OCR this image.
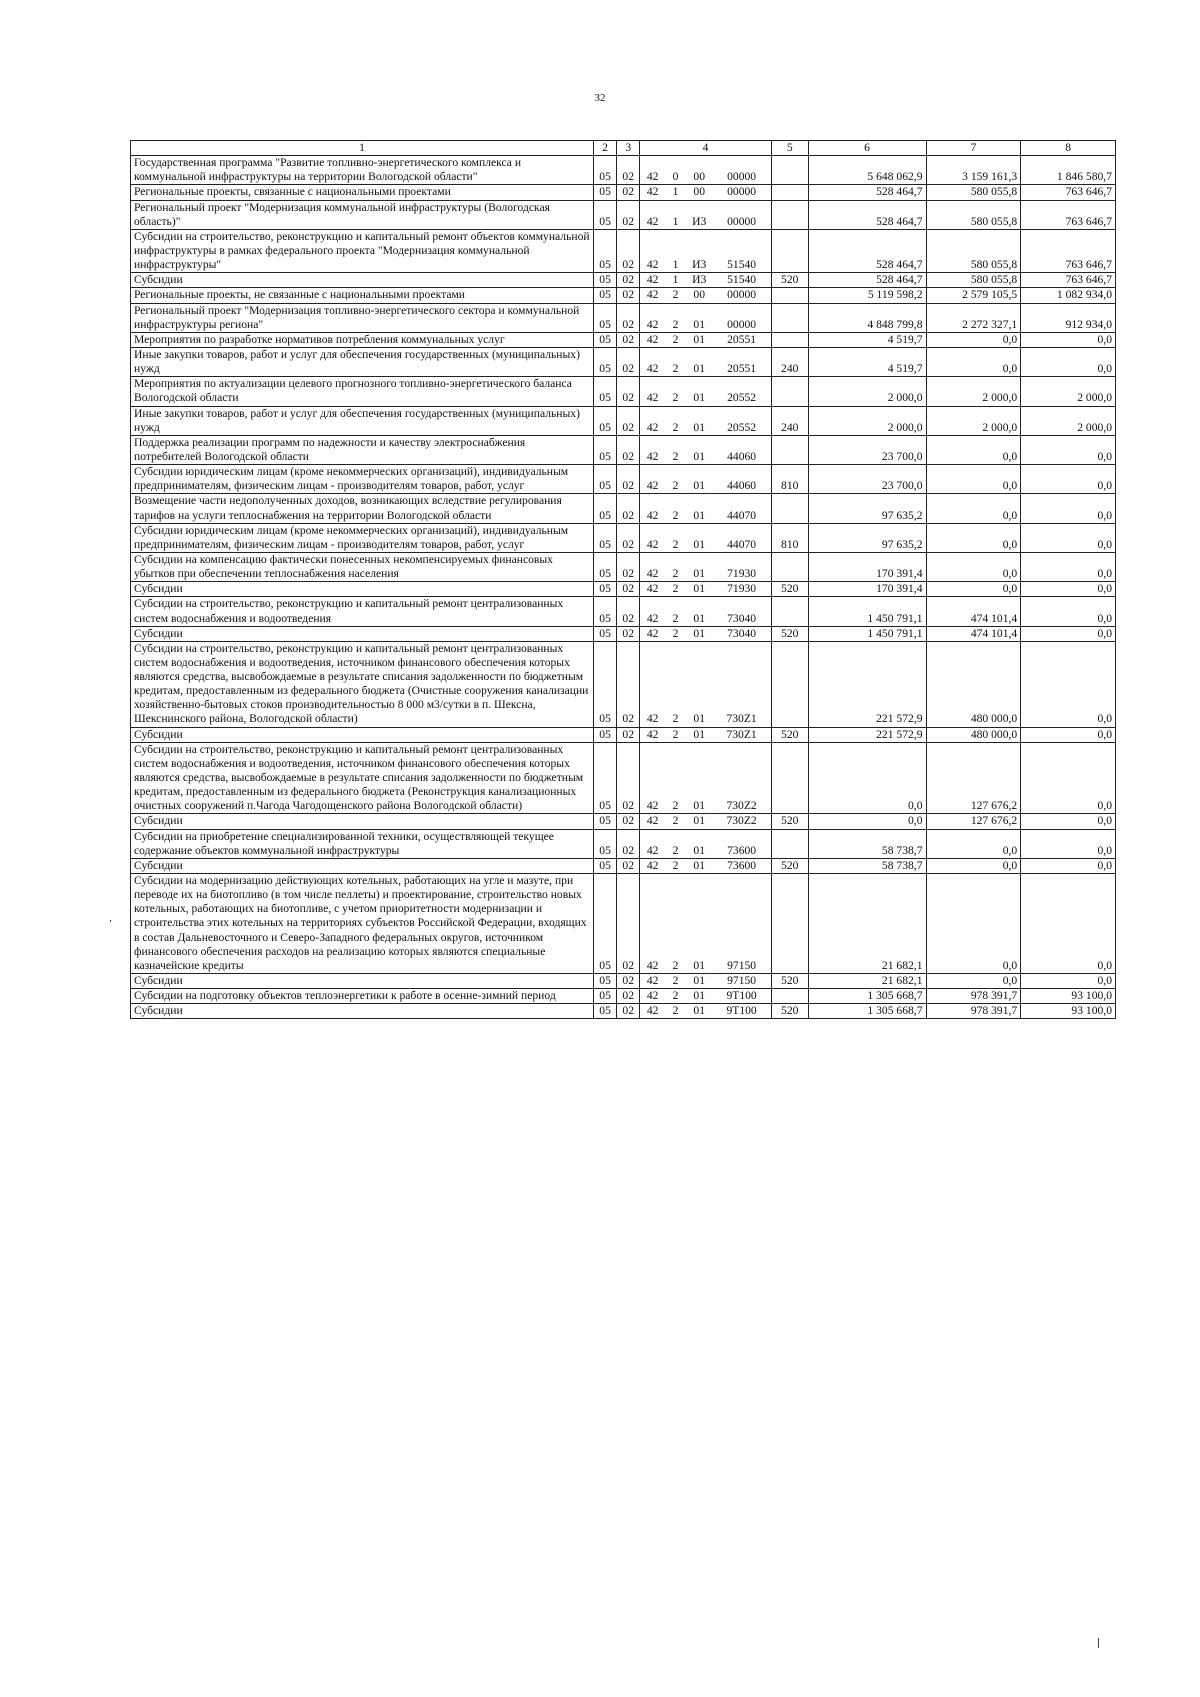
32
1	2	3	4				5	6	7	8
Государственная программа "Развитие топливно-энергетического комплекса и коммунальной инфраструктуры на территории Вологодской области"	05	02	42	0	00	00000		5 648 062,9	3 159 161,3	1 846 580,7
Региональные проекты, связанные с национальными проектами	05	02	42	1	00	00000		528 464,7	580 055,8	763 646,7
Региональный проект "Модернизация коммунальной инфраструктуры (Вологодская область)"	05	02	42	1	И3	00000		528 464,7	580 055,8	763 646,7
Субсидии на строительство, реконструкцию и капитальный ремонт объектов коммунальной инфраструктуры в рамках федерального проекта "Модернизация коммунальной инфраструктуры"	05	02	42	1	И3	51540		528 464,7	580 055,8	763 646,7
Субсидии	05	02	42	1	И3	51540	520	528 464,7	580 055,8	763 646,7
Региональные проекты, не связанные с национальными проектами	05	02	42	2	00	00000		5 119 598,2	2 579 105,5	1 082 934,0
Региональный проект "Модернизация топливно-энергетического сектора и коммунальной инфраструктуры региона"	05	02	42	2	01	00000		4 848 799,8	2 272 327,1	912 934,0
Мероприятия по разработке нормативов потребления коммунальных услуг	05	02	42	2	01	20551		4 519,7	0,0	0,0
Иные закупки товаров, работ и услуг для обеспечения государственных (муниципальных) нужд	05	02	42	2	01	20551	240	4 519,7	0,0	0,0
Мероприятия по актуализации целевого прогнозного топливно-энергетического баланса Вологодской области	05	02	42	2	01	20552		2 000,0	2 000,0	2 000,0
Иные закупки товаров, работ и услуг для обеспечения государственных (муниципальных) нужд	05	02	42	2	01	20552	240	2 000,0	2 000,0	2 000,0
Поддержка реализации программ по надежности и качеству электроснабжения потребителей Вологодской области	05	02	42	2	01	44060		23 700,0	0,0	0,0
Субсидии юридическим лицам (кроме некоммерческих организаций), индивидуальным предпринимателям, физическим лицам - производителям товаров, работ, услуг	05	02	42	2	01	44060	810	23 700,0	0,0	0,0
Возмещение части недополученных доходов, возникающих вследствие регулирования тарифов на услуги теплоснабжения на территории Вологодской области	05	02	42	2	01	44070		97 635,2	0,0	0,0
Субсидии юридическим лицам (кроме некоммерческих организаций), индивидуальным предпринимателям, физическим лицам - производителям товаров, работ, услуг	05	02	42	2	01	44070	810	97 635,2	0,0	0,0
Субсидии на компенсацию фактически понесенных некомпенсируемых финансовых убытков при обеспечении теплоснабжения населения	05	02	42	2	01	71930		170 391,4	0,0	0,0
Субсидии	05	02	42	2	01	71930	520	170 391,4	0,0	0,0
Субсидии на строительство, реконструкцию и капитальный ремонт централизованных систем водоснабжения и водоотведения	05	02	42	2	01	73040		1 450 791,1	474 101,4	0,0
Субсидии	05	02	42	2	01	73040	520	1 450 791,1	474 101,4	0,0
Субсидии на строительство, реконструкцию и капитальный ремонт централизованных систем водоснабжения и водоотведения, источником финансового обеспечения которых являются средства, высвобождаемые в результате списания задолженности по бюджетным кредитам, предоставленным из федерального бюджета (Очистные сооружения канализации хозяйственно-бытовых стоков производительностью 8 000 м3/сутки в п. Шексна, Шекснинского района, Вологодской области)	05	02	42	2	01	730Z1		221 572,9	480 000,0	0,0
Субсидии	05	02	42	2	01	730Z1	520	221 572,9	480 000,0	0,0
Субсидии на строительство, реконструкцию и капитальный ремонт централизованных систем водоснабжения и водоотведения, источником финансового обеспечения которых являются средства, высвобождаемые в результате списания задолженности по бюджетным кредитам, предоставленным из федерального бюджета (Реконструкция канализационных очистных сооружений п.Чагода Чагодощенского района Вологодской области)	05	02	42	2	01	730Z2		0,0	127 676,2	0,0
Субсидии	05	02	42	2	01	730Z2	520	0,0	127 676,2	0,0
Субсидии на приобретение специализированной техники, осуществляющей текущее содержание объектов коммунальной инфраструктуры	05	02	42	2	01	73600		58 738,7	0,0	0,0
Субсидии	05	02	42	2	01	73600	520	58 738,7	0,0	0,0
Субсидии на модернизацию действующих котельных, работающих на угле и мазуте, при переводе их на биотопливо (в том числе пеллеты) и проектирование, строительство новых котельных, работающих на биотопливе, с учетом приоритетности модернизации и строительства этих котельных на территориях субъектов Российской Федерации, входящих в состав Дальневосточного и Северо-Западного федеральных округов, источником финансового обеспечения расходов на реализацию которых являются специальные казначейские кредиты	05	02	42	2	01	97150		21 682,1	0,0	0,0
Субсидии	05	02	42	2	01	97150	520	21 682,1	0,0	0,0
Субсидии на подготовку объектов теплоэнергетики к работе в осенне-зимний период	05	02	42	2	01	9Т100		1 305 668,7	978 391,7	93 100,0
Субсидии	05	02	42	2	01	9Т100	520	1 305 668,7	978 391,7	93 100,0
